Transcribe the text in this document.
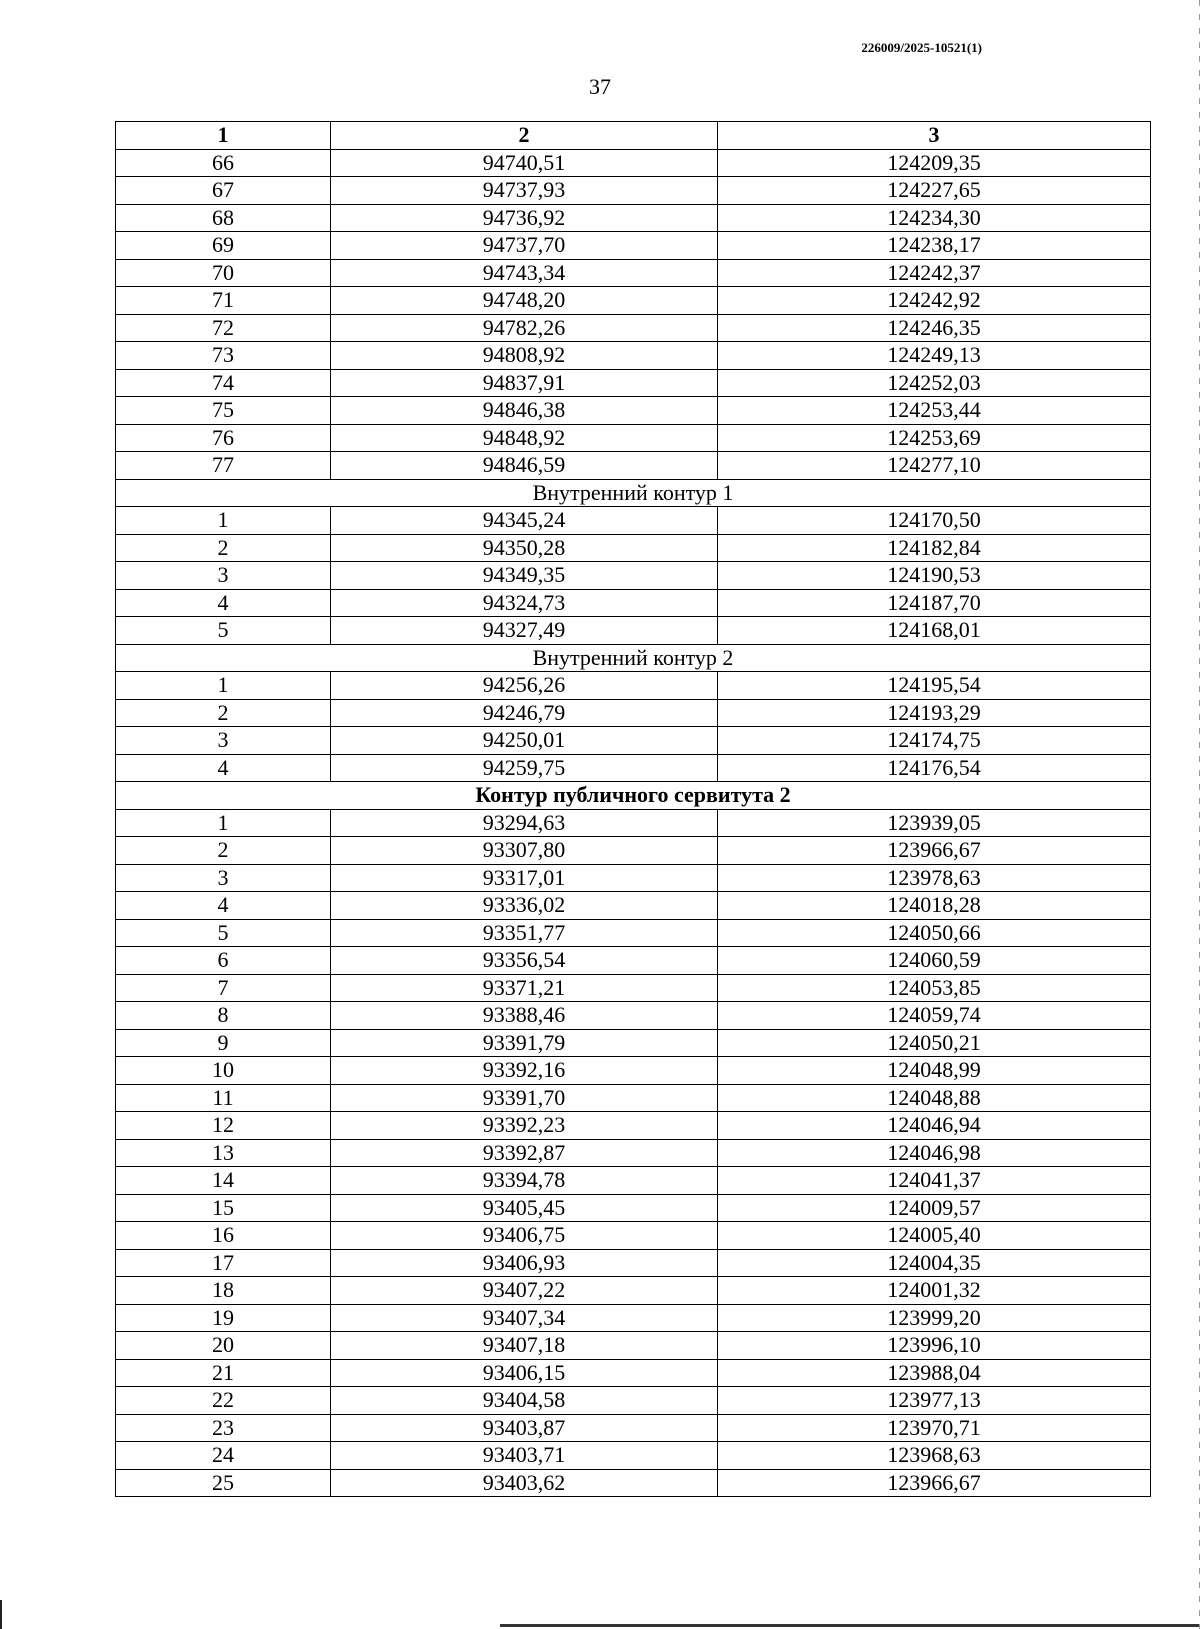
226009/2025-10521(1)
37
1	2	3
66	94740,51	124209,35
67	94737,93	124227,65
68	94736,92	124234,30
69	94737,70	124238,17
70	94743,34	124242,37
71	94748,20	124242,92
72	94782,26	124246,35
73	94808,92	124249,13
74	94837,91	124252,03
75	94846,38	124253,44
76	94848,92	124253,69
77	94846,59	124277,10
Внутренний контур 1		
1	94345,24	124170,50
2	94350,28	124182,84
3	94349,35	124190,53
4	94324,73	124187,70
5	94327,49	124168,01
Внутренний контур 2		
1	94256,26	124195,54
2	94246,79	124193,29
3	94250,01	124174,75
4	94259,75	124176,54
Контур публичного сервитута 2		
1	93294,63	123939,05
2	93307,80	123966,67
3	93317,01	123978,63
4	93336,02	124018,28
5	93351,77	124050,66
6	93356,54	124060,59
7	93371,21	124053,85
8	93388,46	124059,74
9	93391,79	124050,21
10	93392,16	124048,99
11	93391,70	124048,88
12	93392,23	124046,94
13	93392,87	124046,98
14	93394,78	124041,37
15	93405,45	124009,57
16	93406,75	124005,40
17	93406,93	124004,35
18	93407,22	124001,32
19	93407,34	123999,20
20	93407,18	123996,10
21	93406,15	123988,04
22	93404,58	123977,13
23	93403,87	123970,71
24	93403,71	123968,63
25	93403,62	123966,67
